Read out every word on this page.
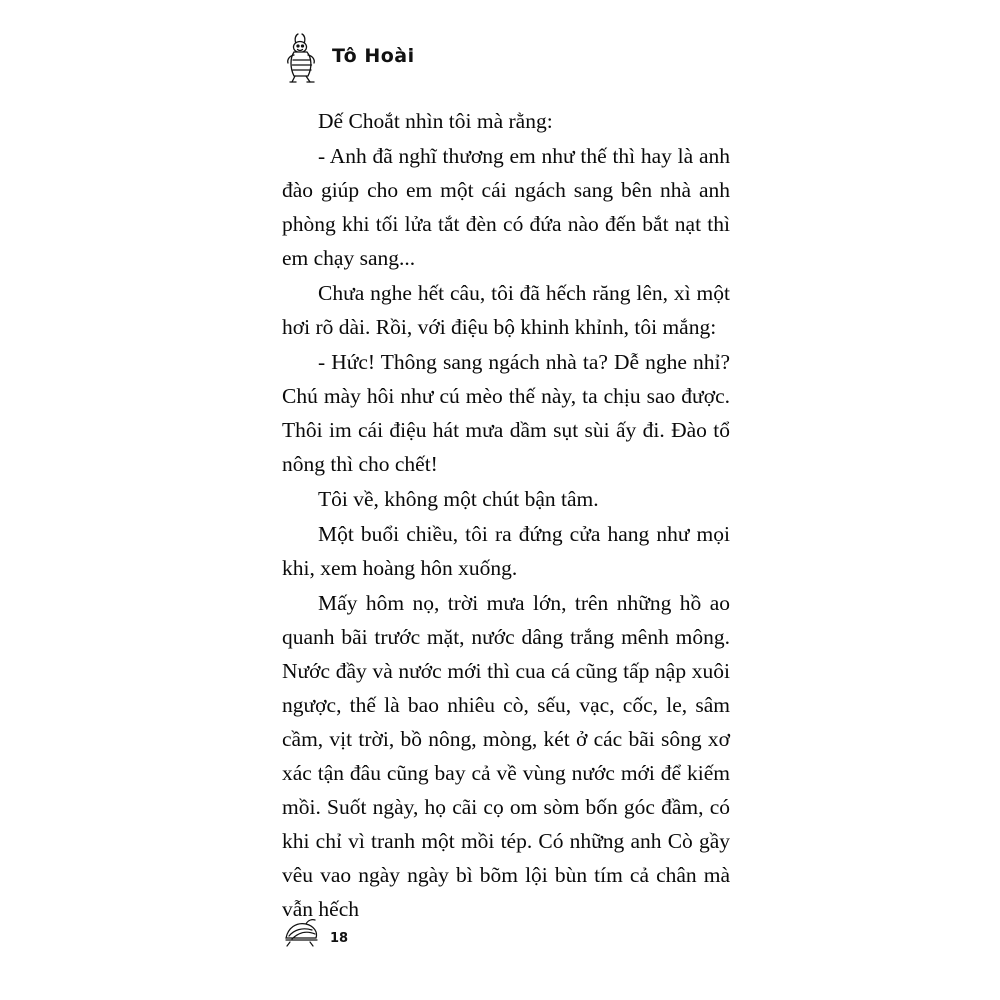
Tô Hoài

Dế Choắt nhìn tôi mà rằng:

- Anh đã nghĩ thương em như thế thì hay là anh đào giúp cho em một cái ngách sang bên nhà anh phòng khi tối lửa tắt đèn có đứa nào đến bắt nạt thì em chạy sang...

Chưa nghe hết câu, tôi đã hếch răng lên, xì một hơi rõ dài. Rồi, với điệu bộ khinh khỉnh, tôi mắng:

- Hức! Thông sang ngách nhà ta? Dễ nghe nhỉ? Chú mày hôi như cú mèo thế này, ta chịu sao được. Thôi im cái điệu hát mưa dầm sụt sùi ấy đi. Đào tổ nông thì cho chết!

Tôi về, không một chút bận tâm.

Một buổi chiều, tôi ra đứng cửa hang như mọi khi, xem hoàng hôn xuống.

Mấy hôm nọ, trời mưa lớn, trên những hồ ao quanh bãi trước mặt, nước dâng trắng mênh mông. Nước đầy và nước mới thì cua cá cũng tấp nập xuôi ngược, thế là bao nhiêu cò, sếu, vạc, cốc, le, sâm cầm, vịt trời, bồ nông, mòng, két ở các bãi sông xơ xác tận đâu cũng bay cả về vùng nước mới để kiếm mồi. Suốt ngày, họ cãi cọ om sòm bốn góc đầm, có khi chỉ vì tranh một mồi tép. Có những anh Cò gầy vêu vao ngày ngày bì bõm lội bùn tím cả chân mà vẫn hếch

18
